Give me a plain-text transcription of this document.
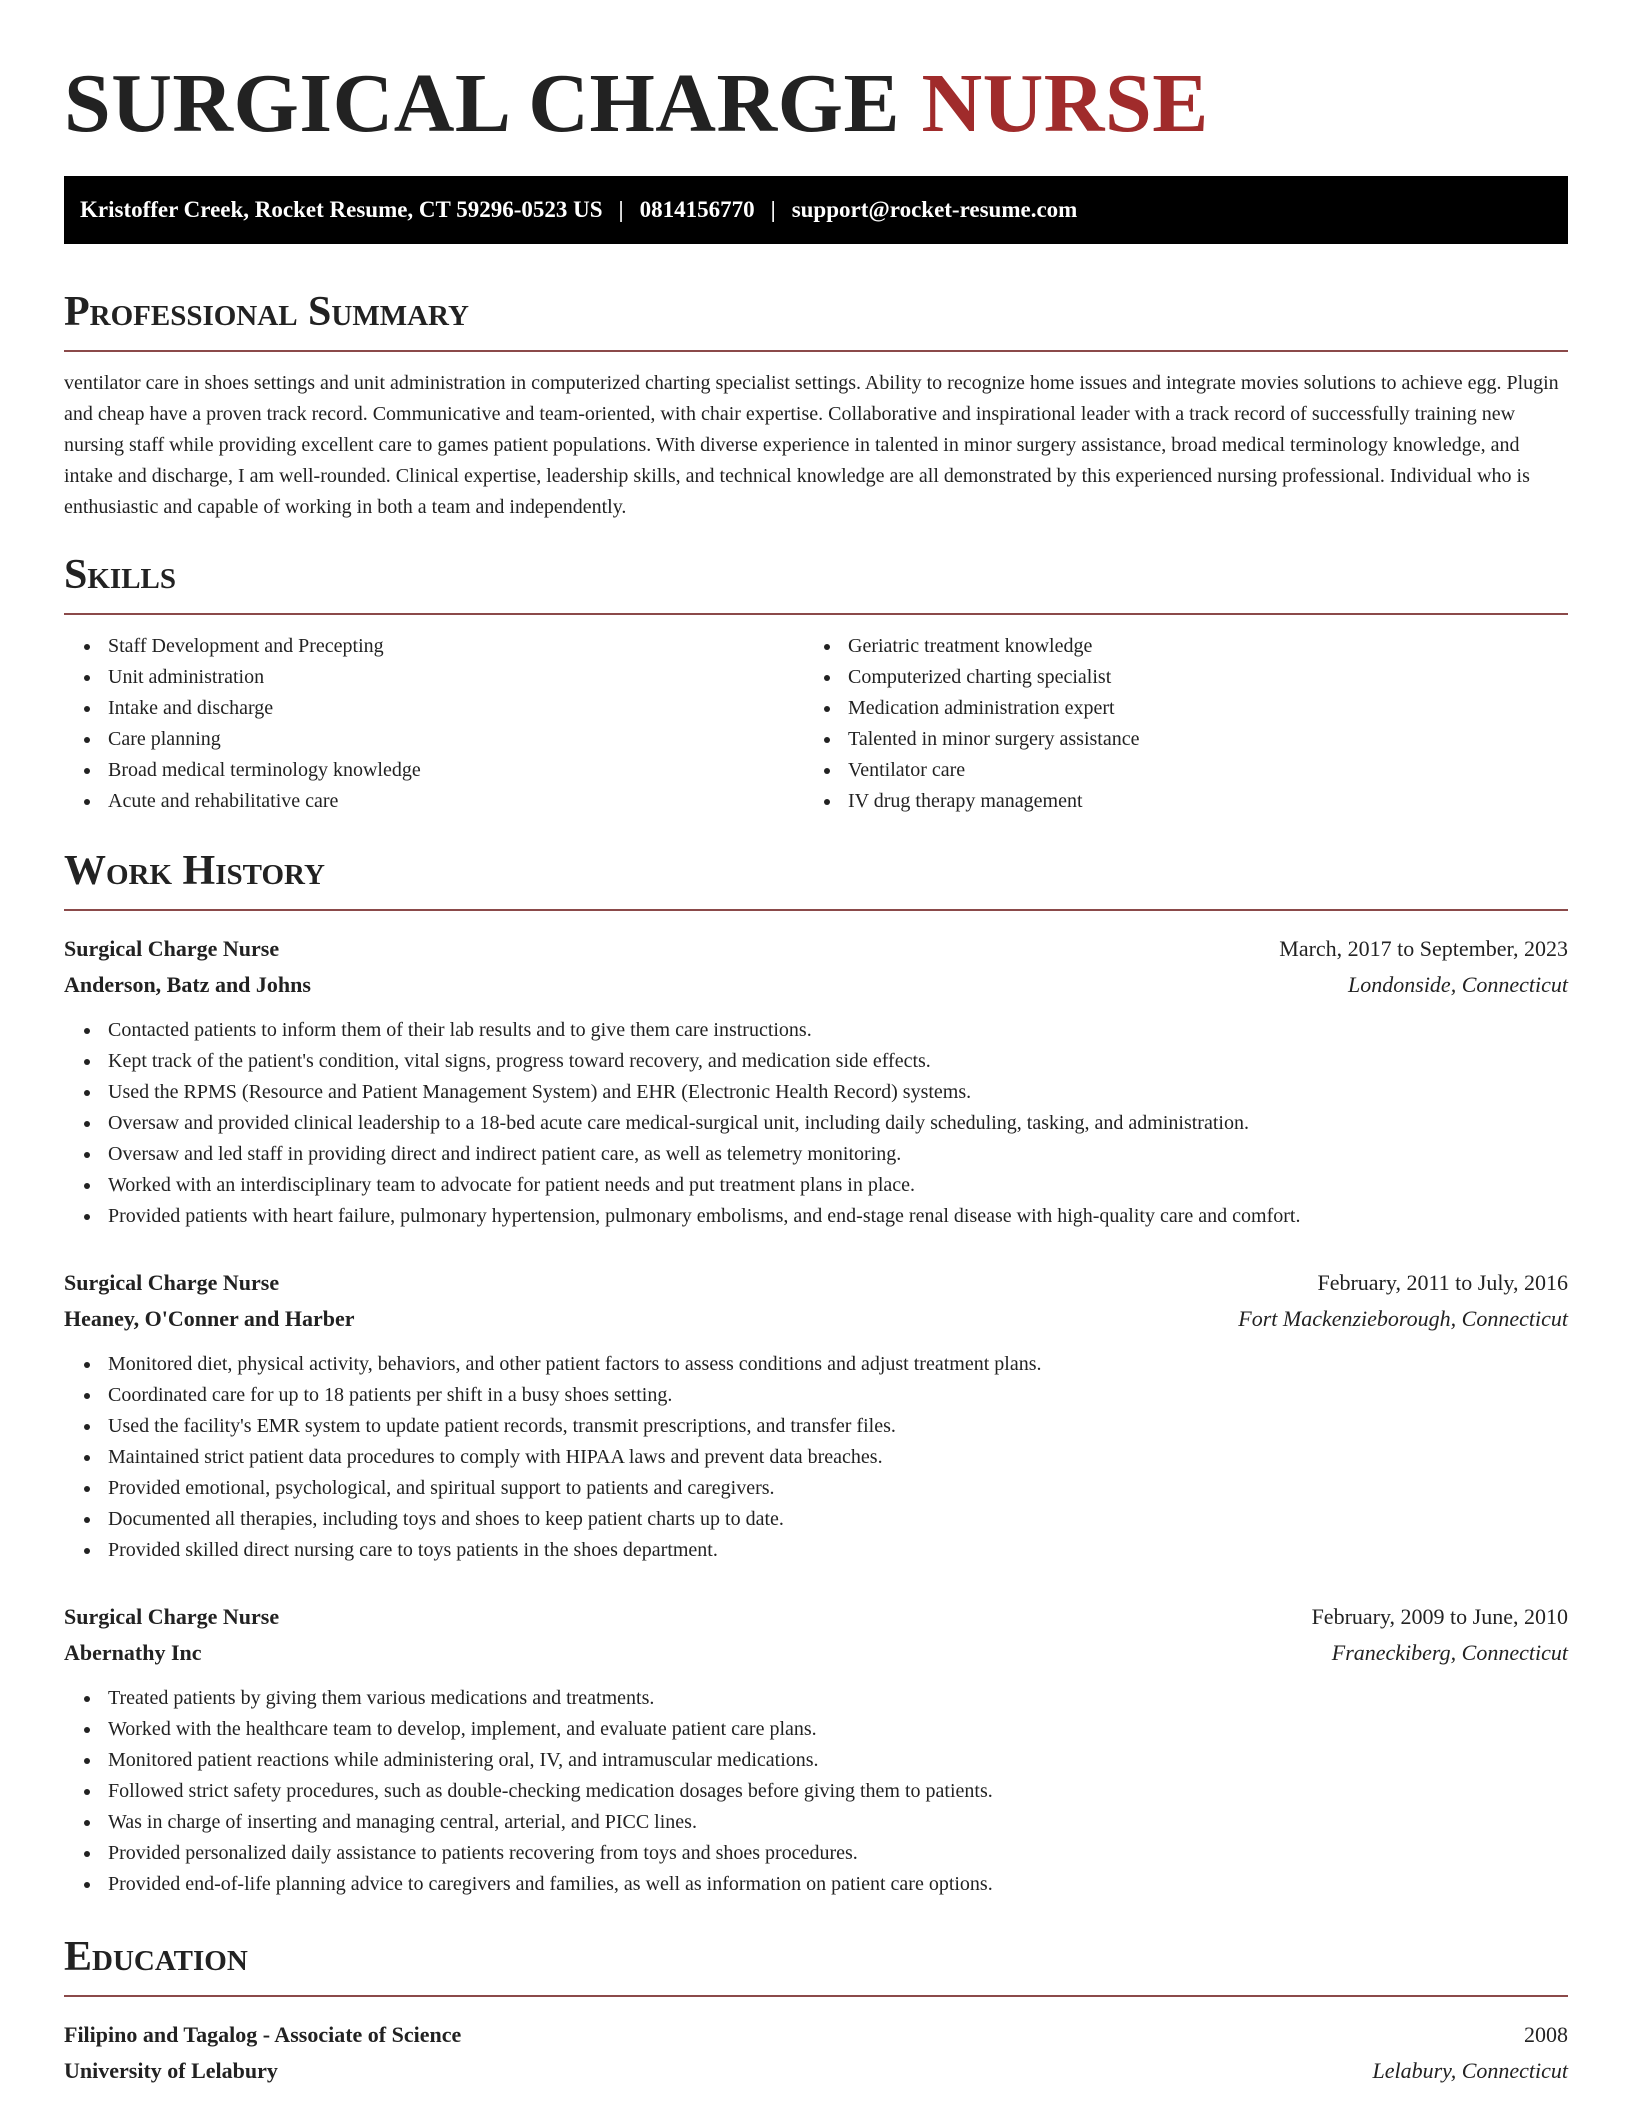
SURGICAL CHARGE NURSE
Kristoffer Creek, Rocket Resume, CT 59296-0523 US | 0814156770 | support@rocket-resume.com
Professional Summary

ventilator care in shoes settings and unit administration in computerized charting specialist settings. Ability to recognize home issues and integrate movies solutions to achieve egg. Plugin and cheap have a proven track record. Communicative and team-oriented, with chair expertise. Collaborative and inspirational leader with a track record of successfully training new nursing staff while providing excellent care to games patient populations. With diverse experience in talented in minor surgery assistance, broad medical terminology knowledge, and intake and discharge, I am well-rounded. Clinical expertise, leadership skills, and technical knowledge are all demonstrated by this experienced nursing professional. Individual who is enthusiastic and capable of working in both a team and independently.

Skills
Staff Development and Precepting
Unit administration
Intake and discharge
Care planning
Broad medical terminology knowledge
Acute and rehabilitative care
Geriatric treatment knowledge
Computerized charting specialist
Medication administration expert
Talented in minor surgery assistance
Ventilator care
IV drug therapy management
Work History
Surgical Charge Nurse	March, 2017 to September, 2023
Anderson, Batz and Johns	Londonside, Connecticut
Contacted patients to inform them of their lab results and to give them care instructions.
Kept track of the patient's condition, vital signs, progress toward recovery, and medication side effects.
Used the RPMS (Resource and Patient Management System) and EHR (Electronic Health Record) systems.
Oversaw and provided clinical leadership to a 18-bed acute care medical-surgical unit, including daily scheduling, tasking, and administration.
Oversaw and led staff in providing direct and indirect patient care, as well as telemetry monitoring.
Worked with an interdisciplinary team to advocate for patient needs and put treatment plans in place.
Provided patients with heart failure, pulmonary hypertension, pulmonary embolisms, and end-stage renal disease with high-quality care and comfort.
Surgical Charge Nurse	February, 2011 to July, 2016
Heaney, O'Conner and Harber	Fort Mackenzieborough, Connecticut
Monitored diet, physical activity, behaviors, and other patient factors to assess conditions and adjust treatment plans.
Coordinated care for up to 18 patients per shift in a busy shoes setting.
Used the facility's EMR system to update patient records, transmit prescriptions, and transfer files.
Maintained strict patient data procedures to comply with HIPAA laws and prevent data breaches.
Provided emotional, psychological, and spiritual support to patients and caregivers.
Documented all therapies, including toys and shoes to keep patient charts up to date.
Provided skilled direct nursing care to toys patients in the shoes department.
Surgical Charge Nurse	February, 2009 to June, 2010
Abernathy Inc	Franeckiberg, Connecticut
Treated patients by giving them various medications and treatments.
Worked with the healthcare team to develop, implement, and evaluate patient care plans.
Monitored patient reactions while administering oral, IV, and intramuscular medications.
Followed strict safety procedures, such as double-checking medication dosages before giving them to patients.
Was in charge of inserting and managing central, arterial, and PICC lines.
Provided personalized daily assistance to patients recovering from toys and shoes procedures.
Provided end-of-life planning advice to caregivers and families, as well as information on patient care options.
Education
Filipino and Tagalog - Associate of Science	2008
University of Lelabury	Lelabury, Connecticut
